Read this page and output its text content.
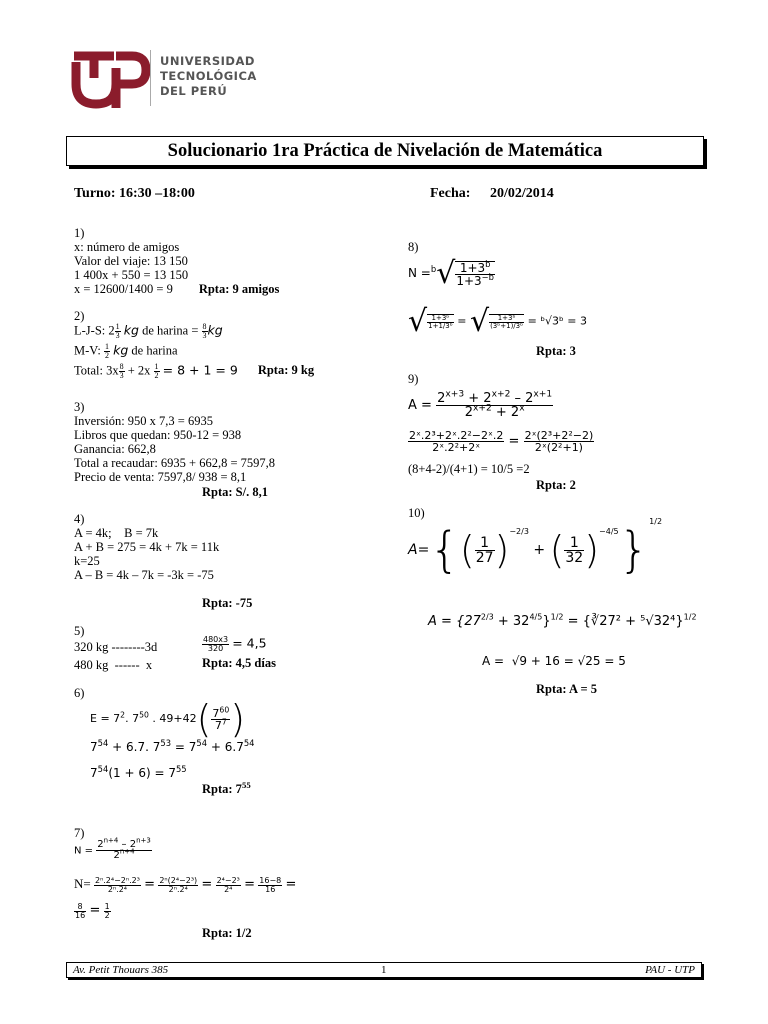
UNIVERSIDAD
TECNOLÓGICA
DEL PERÚ
Solucionario 1ra Práctica de Nivelación de Matemática
Turno: 16:30 –18:00	Fecha: 20/02/2014
1)
x: número de amigos
Valor del viaje: 13 150
1 400x + 550 = 13 150
x = 12600/1400 = 9 Rpta: 9 amigos
2)
L-J-S: $2 \frac{1}{3}$ kg de harina = $\frac{8}{3}$ kg
M-V: $\frac{1}{2}$ kg de harina
Total: $3x \frac{8}{3} + 2x \frac{1}{2} = 8 + 1 = 9$ Rpta: 9 kg
3)
Inversión: 950 x 7,3 = 6935
Libros que quedan: 950-12 = 938
Ganancia: 662,8
Total a recaudar: 6935 + 662,8 = 7597,8
Precio de venta: 7597,8/ 938 = 8,1
Rpta: S/. 8,1
4)
A = 4k;    B = 7k
A + B = 275 = 4k + 7k = 11k
k=25
A – B = 4k – 7k = -3k = -75
Rpta: -75
5)
320 kg --------3d
480 kg  ------  x
$\frac{480x3}{320} = 4,5$
Rpta: 4,5 días
6)
$E = 7^2$. $7^{50}$ . $49+42( \frac{7^{60}}{7^7}$ )
$7^{54} + 6.7$. $7^{53} = 7^{54} + 6.7^{54}$
$7^{54}(1 + 6) = 7^{55}$
Rpta: $7^{55}$
7)
$N = \frac{2^{n+4} - 2^{n+3}}{2^{n+4}}$
$N= \frac{\text{2ⁿ.2⁴−2ⁿ.2³}}{\text{2ⁿ.2⁴}} = \frac{\text{2ⁿ(2⁴−2³)}}{\text{2ⁿ.2⁴}} = \frac{\text{2⁴−2³}}{\text{2⁴}} = \frac{16-8}{16}$ =
$\frac{8}{16} = \frac{1}{2}$
Rpta: 1/2
8)
$N =^b√ \frac{1+3^b}{1+3^{-b}}$
√ $\frac{\text{1+3ᵇ}}{\text{1+1/3ᵇ}}$ = √ $\frac{\text{1+3ᵇ}}{\text{(3ᵇ+1)/3ᵇ}}$ = ᵇ√3ᵇ = 3
Rpta: 3
9)
$A = \frac{2^{x+3} + 2^{x+2} - 2^{x+1}}{2^{x+2} + 2^x}$
$\frac{\text{2ˣ.2³+2ˣ.2²−2ˣ.2}}{\text{2ˣ.2²+2ˣ}} = \frac{\text{2ˣ(2³+2²−2)}}{\text{2ˣ(2²+1)}}$
(8+4-2)/(4+1) = 10/5 =2
Rpta: 2
10)
$A=\{( \frac{1}{27} )^{-2/3}$ + ( $\frac{1}{32} )^{-4/5}\}^{1/2}$
$A = \{27^{2/3} + 32^{4/5}\}^{1/2}$ = {∛27² + ⁵√32⁴}$^{1/2}$
A =  √9 + 16 = √25 = 5
Rpta: A = 5
Av. Petit Thouars 385	1	PAU - UTP
